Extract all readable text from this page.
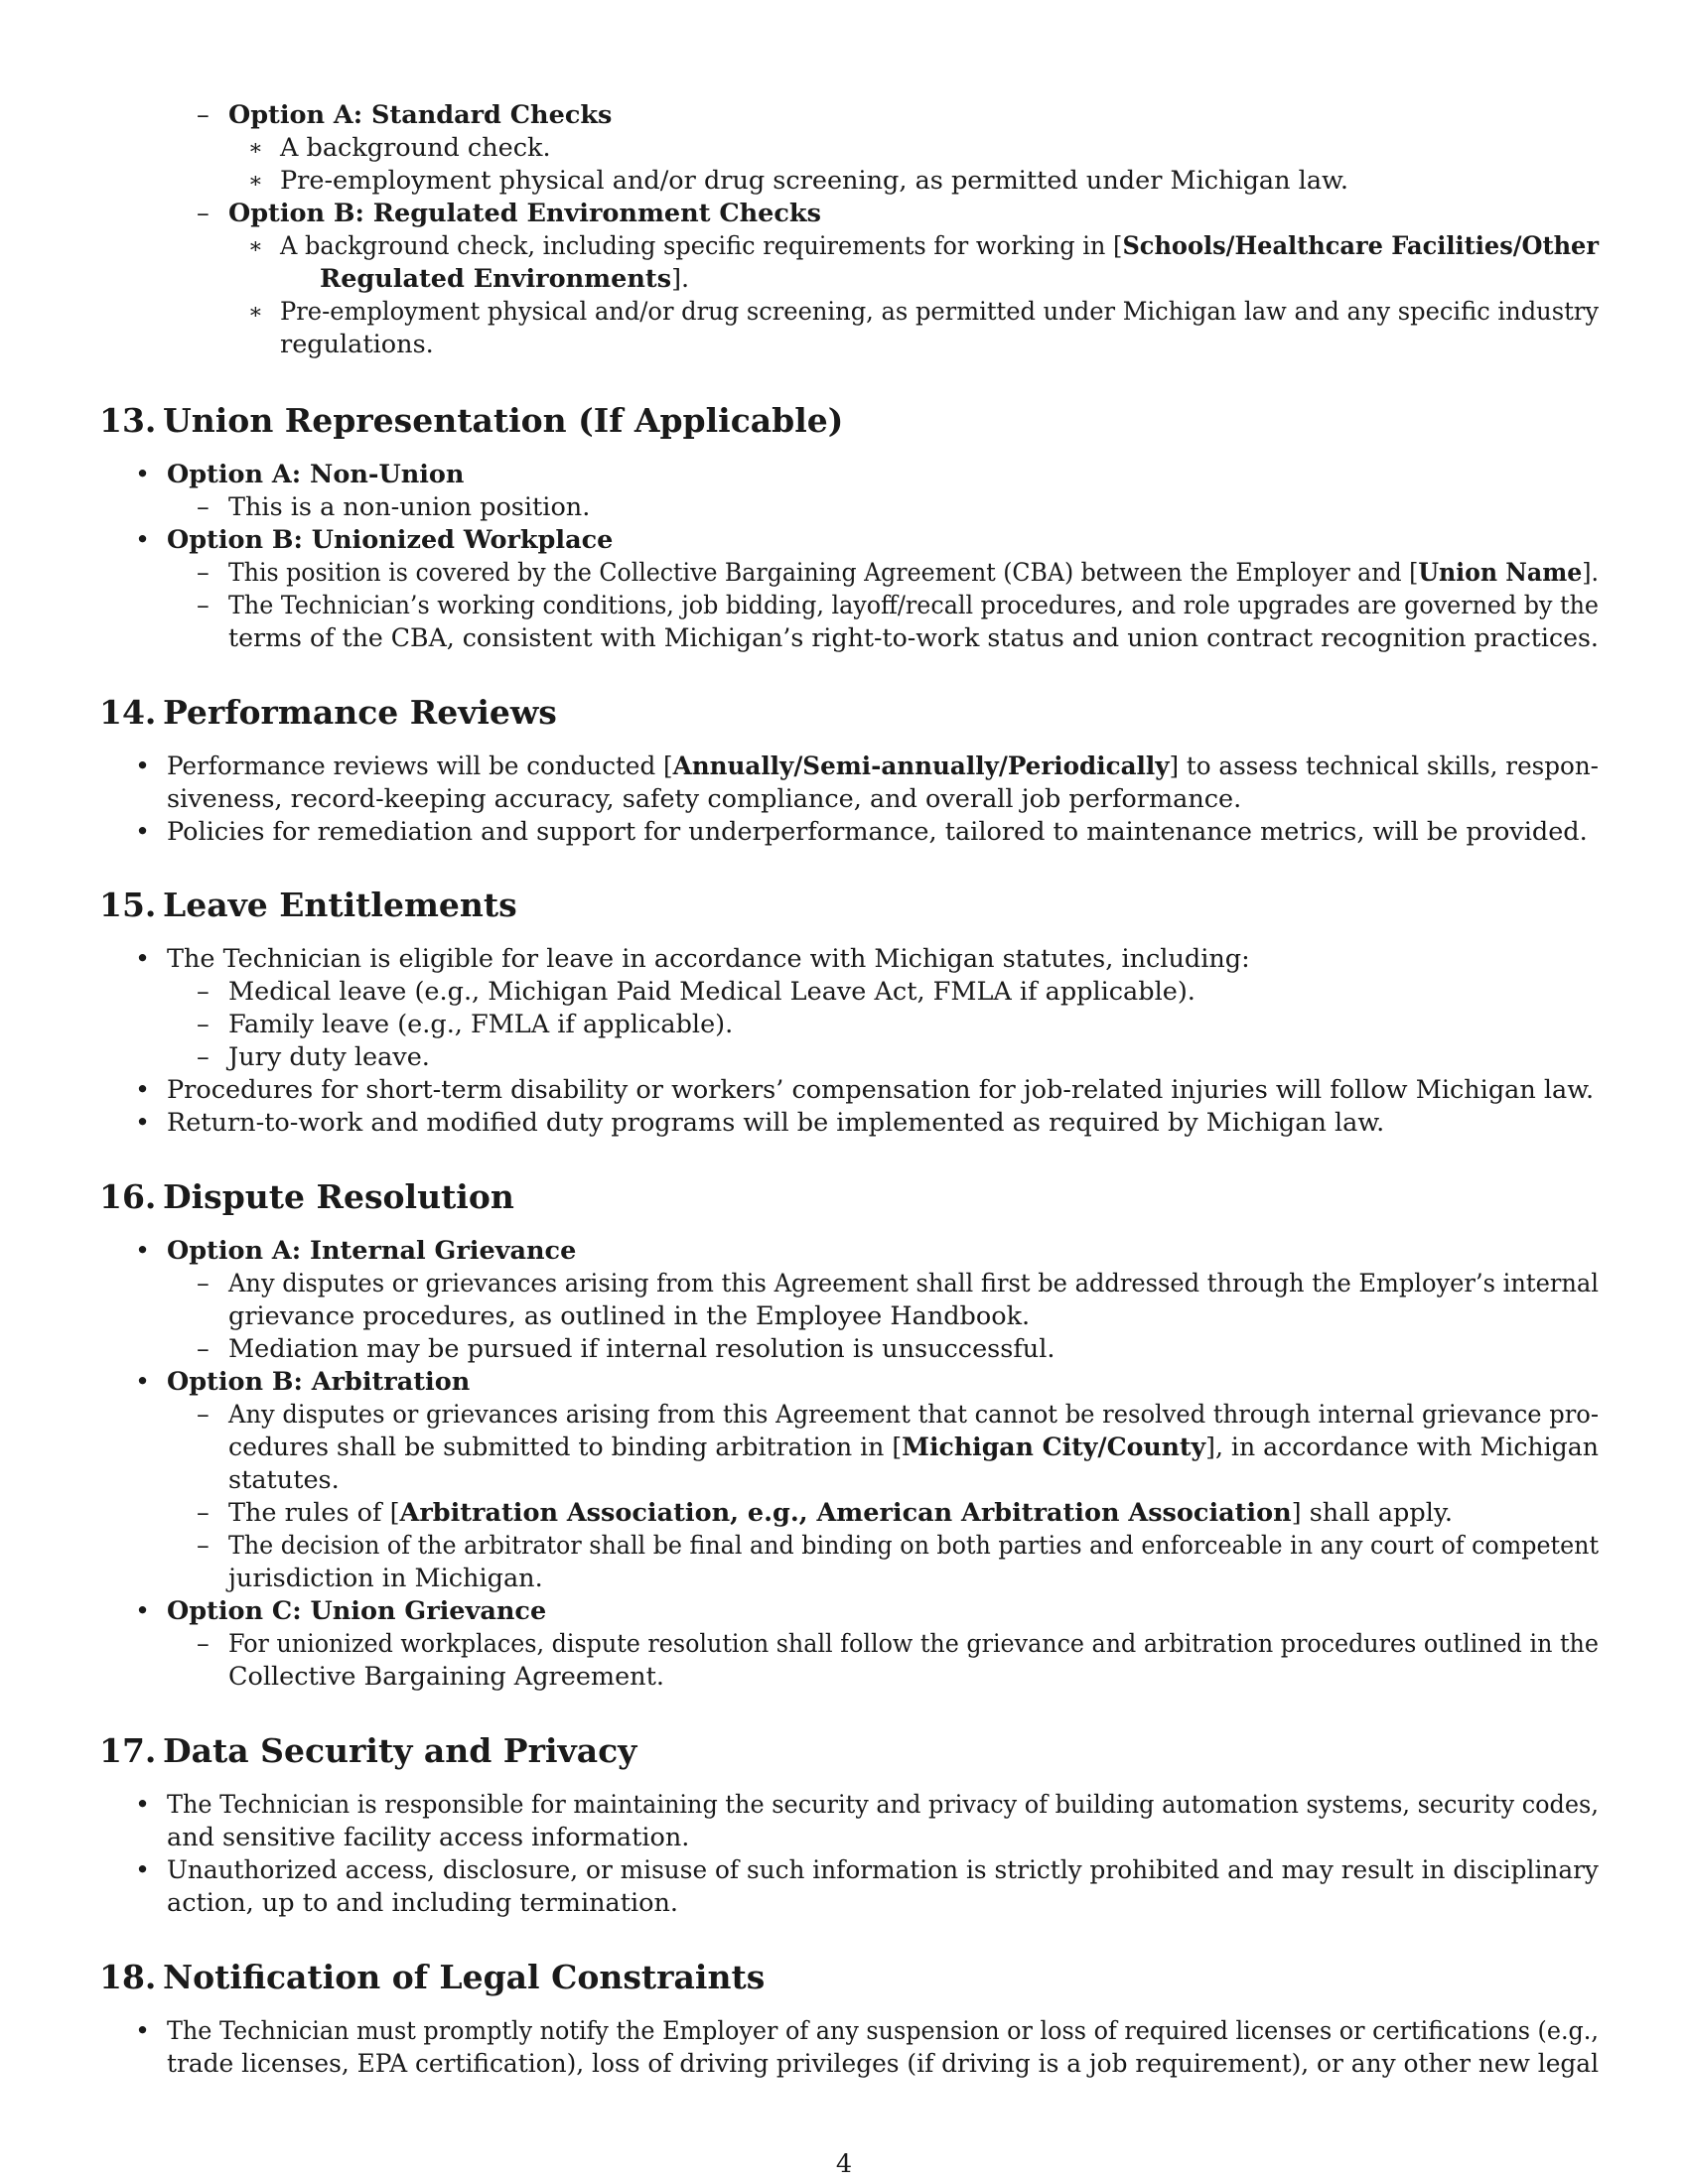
– Option A: Standard Checks
∗ A background check.
∗ Pre-employment physical and/or drug screening, as permitted under Michigan law.
– Option B: Regulated Environment Checks
∗ A background check, including specific requirements for working in [Schools/Healthcare Facilities/Other
Regulated Environments].
∗ Pre-employment physical and/or drug screening, as permitted under Michigan law and any specific industry
regulations.
13. Union Representation (If Applicable)
• Option A: Non-Union
– This is a non-union position.
• Option B: Unionized Workplace
– This position is covered by the Collective Bargaining Agreement (CBA) between the Employer and [Union Name].
– The Technician’s working conditions, job bidding, layoff/recall procedures, and role upgrades are governed by the
terms of the CBA, consistent with Michigan’s right-to-work status and union contract recognition practices.
14. Performance Reviews
• Performance reviews will be conducted [Annually/Semi-annually/Periodically] to assess technical skills, respon-
siveness, record-keeping accuracy, safety compliance, and overall job performance.
• Policies for remediation and support for underperformance, tailored to maintenance metrics, will be provided.
15. Leave Entitlements
• The Technician is eligible for leave in accordance with Michigan statutes, including:
– Medical leave (e.g., Michigan Paid Medical Leave Act, FMLA if applicable).
– Family leave (e.g., FMLA if applicable).
– Jury duty leave.
• Procedures for short-term disability or workers’ compensation for job-related injuries will follow Michigan law.
• Return-to-work and modified duty programs will be implemented as required by Michigan law.
16. Dispute Resolution
• Option A: Internal Grievance
– Any disputes or grievances arising from this Agreement shall first be addressed through the Employer’s internal
grievance procedures, as outlined in the Employee Handbook.
– Mediation may be pursued if internal resolution is unsuccessful.
• Option B: Arbitration
– Any disputes or grievances arising from this Agreement that cannot be resolved through internal grievance pro-
cedures shall be submitted to binding arbitration in [Michigan City/County], in accordance with Michigan
statutes.
– The rules of [Arbitration Association, e.g., American Arbitration Association] shall apply.
– The decision of the arbitrator shall be final and binding on both parties and enforceable in any court of competent
jurisdiction in Michigan.
• Option C: Union Grievance
– For unionized workplaces, dispute resolution shall follow the grievance and arbitration procedures outlined in the
Collective Bargaining Agreement.
17. Data Security and Privacy
• The Technician is responsible for maintaining the security and privacy of building automation systems, security codes,
and sensitive facility access information.
• Unauthorized access, disclosure, or misuse of such information is strictly prohibited and may result in disciplinary
action, up to and including termination.
18. Notification of Legal Constraints
• The Technician must promptly notify the Employer of any suspension or loss of required licenses or certifications (e.g.,
trade licenses, EPA certification), loss of driving privileges (if driving is a job requirement), or any other new legal
4
